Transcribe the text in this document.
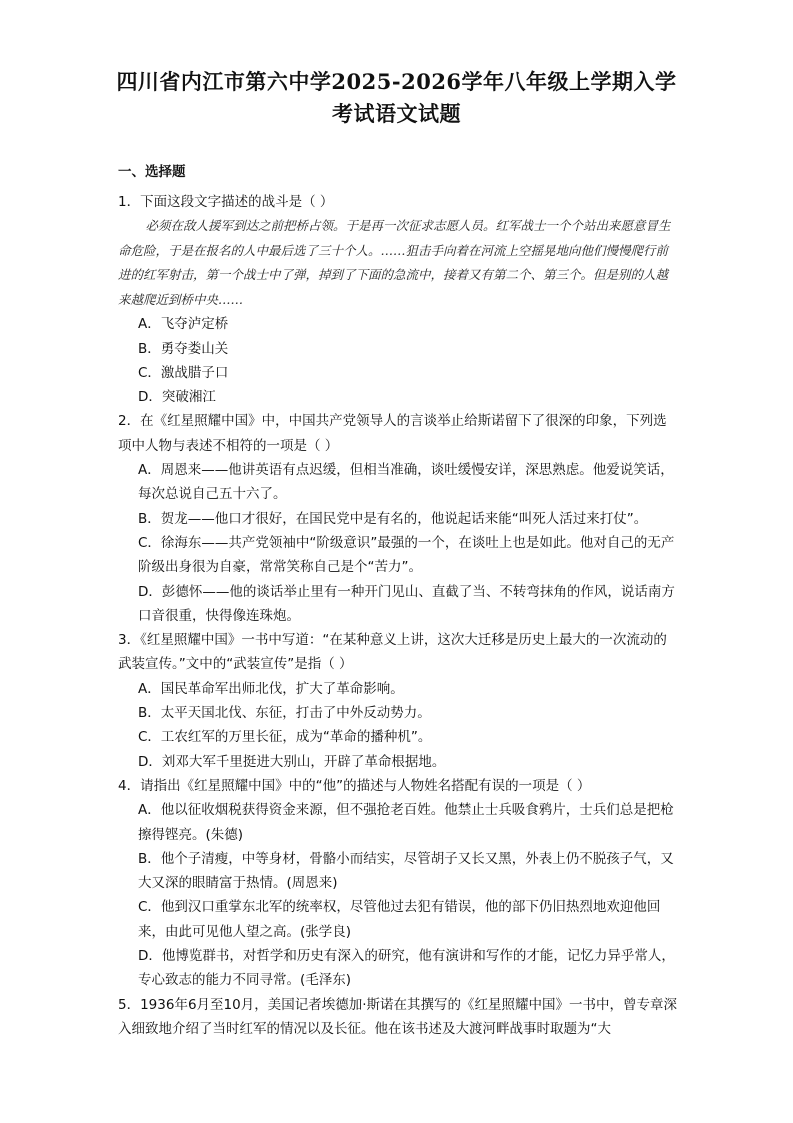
四川省内江市第六中学2025-2026学年八年级上学期入学
考试语文试题
一、选择题

1．下面这段文字描述的战斗是（ ）

必须在敌人援军到达之前把桥占领。于是再一次征求志愿人员。红军战士一个个站出来愿意冒生命危险，于是在报名的人中最后选了三十个人。……狙击手向着在河流上空摇晃地向他们慢慢爬行前进的红军射击，第一个战士中了弹，掉到了下面的急流中，接着又有第二个、第三个。但是别的人越来越爬近到桥中央……

A．飞夺泸定桥

B．勇夺娄山关

C．激战腊子口

D．突破湘江

2．在《红星照耀中国》中，中国共产党领导人的言谈举止给斯诺留下了很深的印象，下列选项中人物与表述不相符的一项是（ ）

A．周恩来——他讲英语有点迟缓，但相当准确，谈吐缓慢安详，深思熟虑。他爱说笑话，每次总说自己五十六了。

B．贺龙——他口才很好，在国民党中是有名的，他说起话来能“叫死人活过来打仗”。

C．徐海东——共产党领袖中“阶级意识”最强的一个，在谈吐上也是如此。他对自己的无产阶级出身很为自豪，常常笑称自己是个“苦力”。

D．彭德怀——他的谈话举止里有一种开门见山、直截了当、不转弯抹角的作风，说话南方口音很重，快得像连珠炮。

3．《红星照耀中国》一书中写道：“在某种意义上讲，这次大迁移是历史上最大的一次流动的武装宣传。”文中的“武装宣传”是指（ ）

A．国民革命军出师北伐，扩大了革命影响。

B．太平天国北伐、东征，打击了中外反动势力。

C．工农红军的万里长征，成为“革命的播种机”。

D．刘邓大军千里挺进大别山，开辟了革命根据地。

4．请指出《红星照耀中国》中的“他”的描述与人物姓名搭配有误的一项是（ ）

A．他以征收烟税获得资金来源，但不强抢老百姓。他禁止士兵吸食鸦片，士兵们总是把枪擦得铿亮。(朱德)

B．他个子清瘦，中等身材，骨骼小而结实，尽管胡子又长又黑，外表上仍不脱孩子气，又大又深的眼睛富于热情。(周恩来)

C．他到汉口重掌东北军的统率权，尽管他过去犯有错误，他的部下仍旧热烈地欢迎他回来，由此可见他人望之高。(张学良)

D．他博览群书，对哲学和历史有深入的研究，他有演讲和写作的才能，记忆力异乎常人，专心致志的能力不同寻常。(毛泽东)

5．1936年6月至10月，美国记者埃德加·斯诺在其撰写的《红星照耀中国》一书中，曾专章深入细致地介绍了当时红军的情况以及长征。他在该书述及大渡河畔战事时取题为“大
